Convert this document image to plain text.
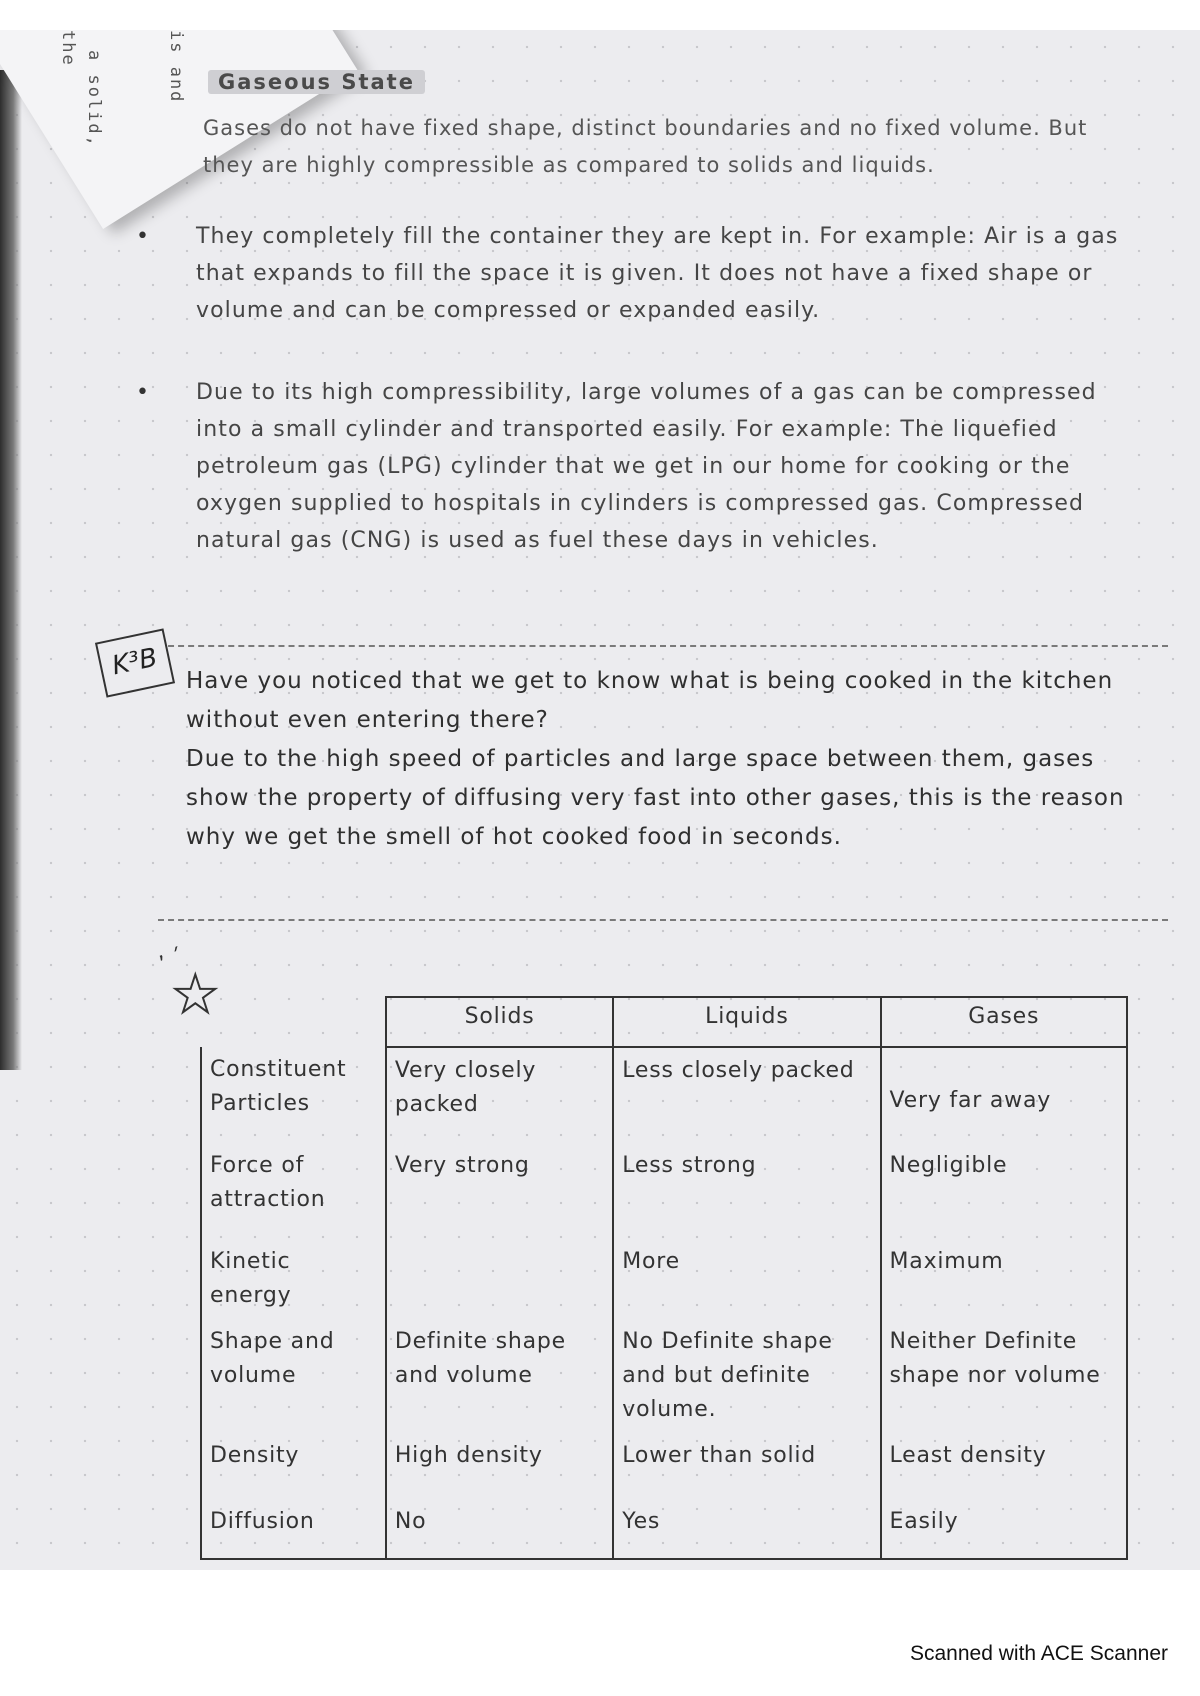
the
a solid,	is and	Gaseous State
Gases do not have fixed shape, distinct boundaries and no fixed volume. But they are highly compressible as compared to solids and liquids.
• They completely fill the container they are kept in. For example: Air is a gas that expands to fill the space it is given. It does not have a fixed shape or volume and can be compressed or expanded easily.
• Due to its high compressibility, large volumes of a gas can be compressed into a small cylinder and transported easily. For example: The liquefied petroleum gas (LPG) cylinder that we get in our home for cooking or the oxygen supplied to hospitals in cylinders is compressed gas. Compressed natural gas (CNG) is used as fuel these days in vehicles.
K³B	Have you noticed that we get to know what is being cooked in the kitchen without even entering there?
Due to the high speed of particles and large space between them, gases show the property of diffusing very fast into other gases, this is the reason why we get the smell of hot cooked food in seconds.
ʼ ˊ
★
		Solids	Liquids	Gases
Constituent Particles	Very closely packed	Less closely packed	Very far away
Force of attraction	Very strong	Less strong	Negligible
Kinetic energy		More	Maximum
Shape and volume	Definite shape and volume	No Definite shape and but definite volume.	Neither Definite shape nor volume
Density	High density	Lower than solid	Least density
Diffusion	No	Yes	Easily
Scanned with ACE Scanner
